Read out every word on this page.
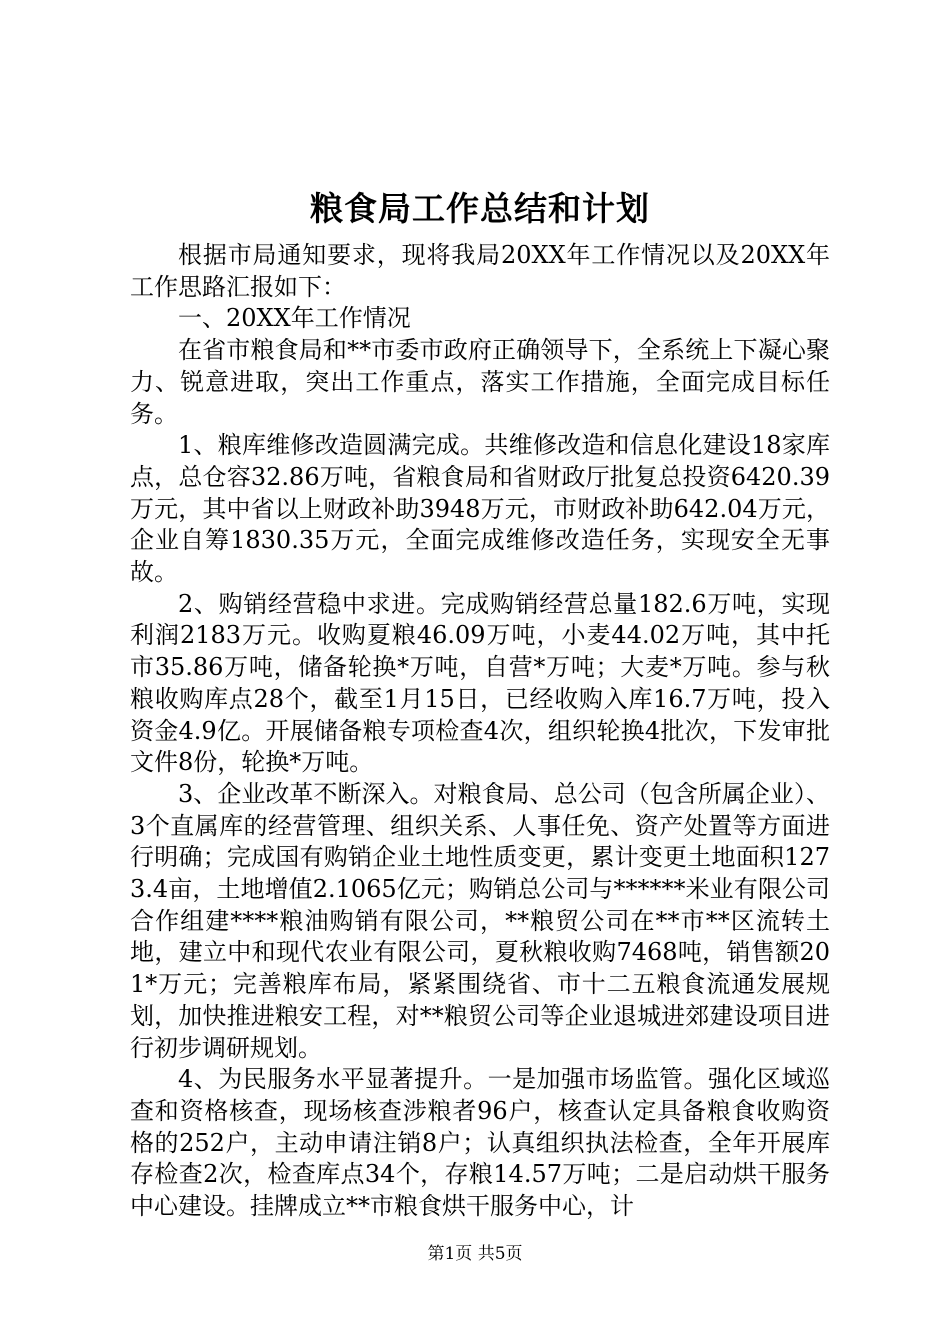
粮食局工作总结和计划

根据市局通知要求，现将我局20XX年工作情况以及20XX年工作思路汇报如下：

一、20XX年工作情况

在省市粮食局和**市委市政府正确领导下，全系统上下凝心聚力、锐意进取，突出工作重点，落实工作措施，全面完成目标任务。

1、粮库维修改造圆满完成。共维修改造和信息化建设18家库点，总仓容32.86万吨，省粮食局和省财政厅批复总投资6420.39万元，其中省以上财政补助3948万元，市财政补助642.04万元，企业自筹1830.35万元，全面完成维修改造任务，实现安全无事故。

2、购销经营稳中求进。完成购销经营总量182.6万吨，实现利润2183万元。收购夏粮46.09万吨，小麦44.02万吨，其中托市35.86万吨，储备轮换*万吨，自营*万吨；大麦*万吨。参与秋粮收购库点28个，截至1月15日，已经收购入库16.7万吨，投入资金4.9亿。开展储备粮专项检查4次，组织轮换4批次，下发审批文件8份，轮换*万吨。

3、企业改革不断深入。对粮食局、总公司（包含所属企业）、3个直属库的经营管理、组织关系、人事任免、资产处置等方面进行明确；完成国有购销企业土地性质变更，累计变更土地面积1273.4亩，土地增值2.1065亿元；购销总公司与******米业有限公司合作组建****粮油购销有限公司，**粮贸公司在**市**区流转土地，建立中和现代农业有限公司，夏秋粮收购7468吨，销售额201*万元；完善粮库布局，紧紧围绕省、市十二五粮食流通发展规划，加快推进粮安工程，对**粮贸公司等企业退城进郊建设项目进行初步调研规划。

4、为民服务水平显著提升。一是加强市场监管。强化区域巡查和资格核查，现场核查涉粮者96户，核查认定具备粮食收购资格的252户，主动申请注销8户；认真组织执法检查，全年开展库存检查2次，检查库点34个，存粮14.57万吨；二是启动烘干服务中心建设。挂牌成立**市粮食烘干服务中心，计

第1页 共5页
